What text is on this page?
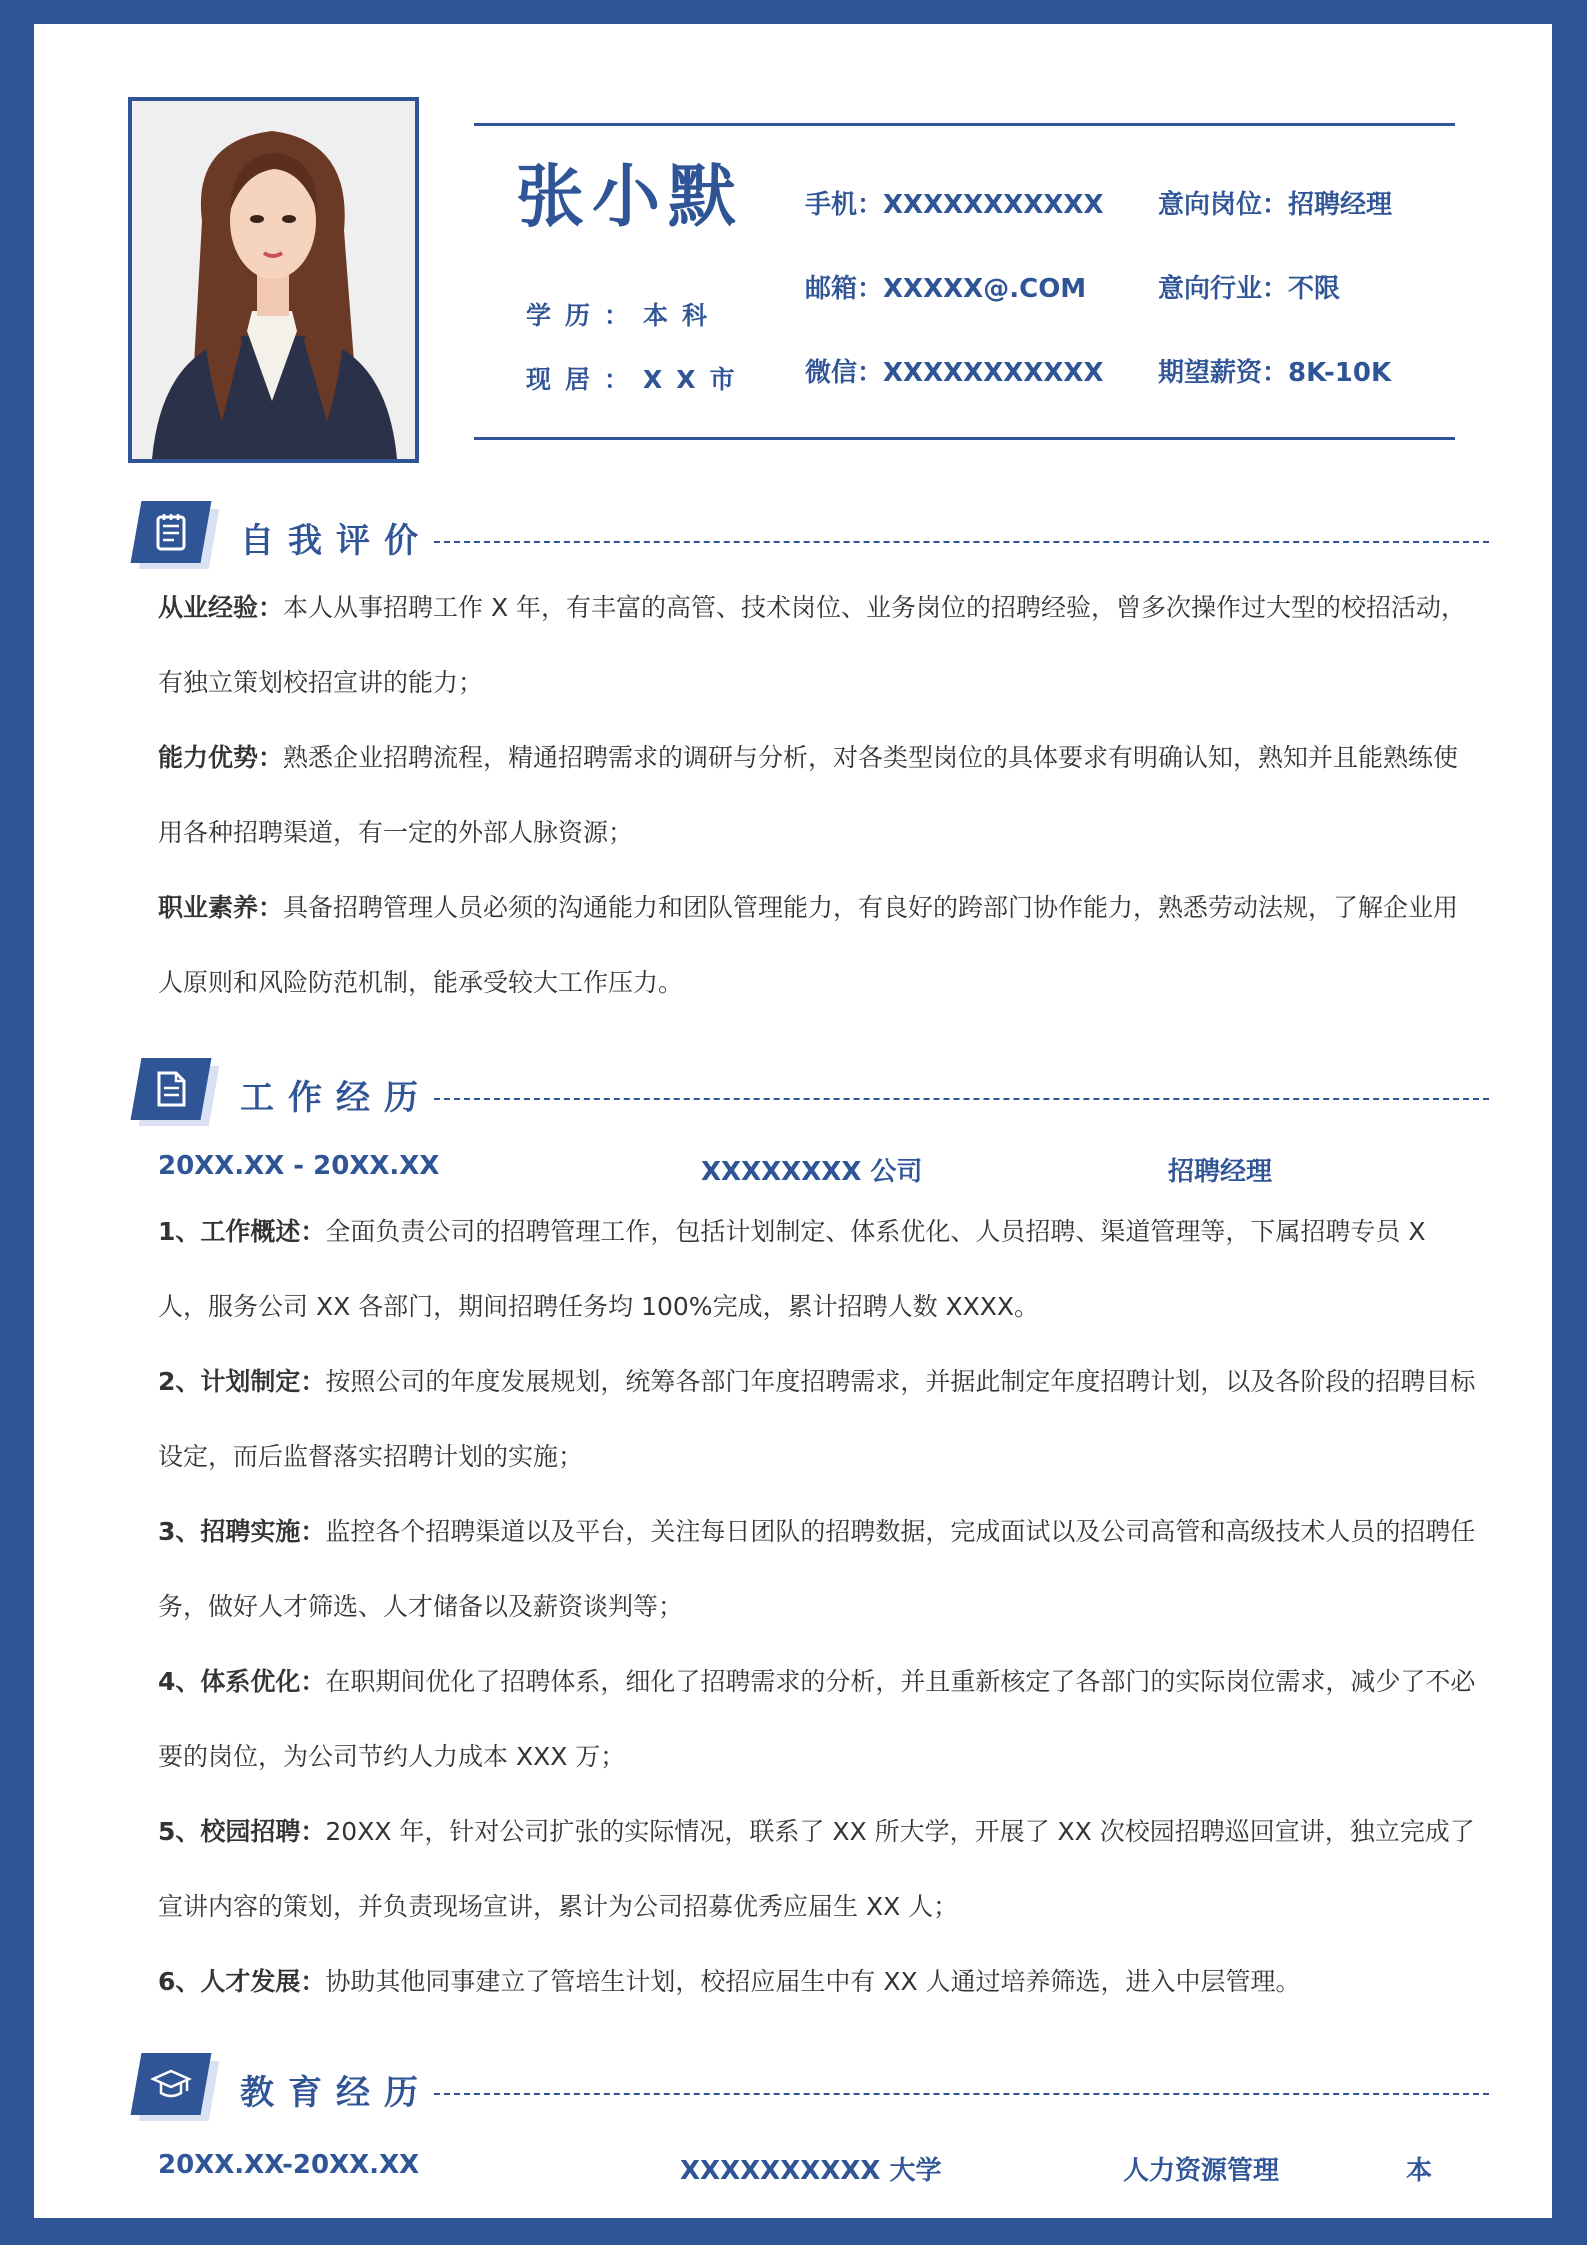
张小默
学历：本科
现居：XX市
手机：XXXXXXXXXXX
邮箱：XXXXX@.COM
微信：XXXXXXXXXXX
意向岗位：招聘经理
意向行业：不限
期望薪资：8K-10K
自我评价
从业经验：本人从事招聘工作 X 年，有丰富的高管、技术岗位、业务岗位的招聘经验，曾多次操作过大型的校招活动，有独立策划校招宣讲的能力；
能力优势：熟悉企业招聘流程，精通招聘需求的调研与分析，对各类型岗位的具体要求有明确认知，熟知并且能熟练使用各种招聘渠道，有一定的外部人脉资源；
职业素养：具备招聘管理人员必须的沟通能力和团队管理能力，有良好的跨部门协作能力，熟悉劳动法规，了解企业用人原则和风险防范机制，能承受较大工作压力。
工作经历
20XX.XX - 20XX.XX	XXXXXXXX 公司	招聘经理
1、工作概述：全面负责公司的招聘管理工作，包括计划制定、体系优化、人员招聘、渠道管理等，下属招聘专员 X 人，服务公司 XX 各部门，期间招聘任务均 100%完成，累计招聘人数 XXXX。
2、计划制定：按照公司的年度发展规划，统筹各部门年度招聘需求，并据此制定年度招聘计划，以及各阶段的招聘目标设定，而后监督落实招聘计划的实施；
3、招聘实施：监控各个招聘渠道以及平台，关注每日团队的招聘数据，完成面试以及公司高管和高级技术人员的招聘任务，做好人才筛选、人才储备以及薪资谈判等；
4、体系优化：在职期间优化了招聘体系，细化了招聘需求的分析，并且重新核定了各部门的实际岗位需求，减少了不必要的岗位，为公司节约人力成本 XXX 万；
5、校园招聘：20XX 年，针对公司扩张的实际情况，联系了 XX 所大学，开展了 XX 次校园招聘巡回宣讲，独立完成了宣讲内容的策划，并负责现场宣讲，累计为公司招募优秀应届生 XX 人；
6、人才发展：协助其他同事建立了管培生计划，校招应届生中有 XX 人通过培养筛选，进入中层管理。
教育经历
20XX.XX-20XX.XX	XXXXXXXXXX 大学	人力资源管理	本
